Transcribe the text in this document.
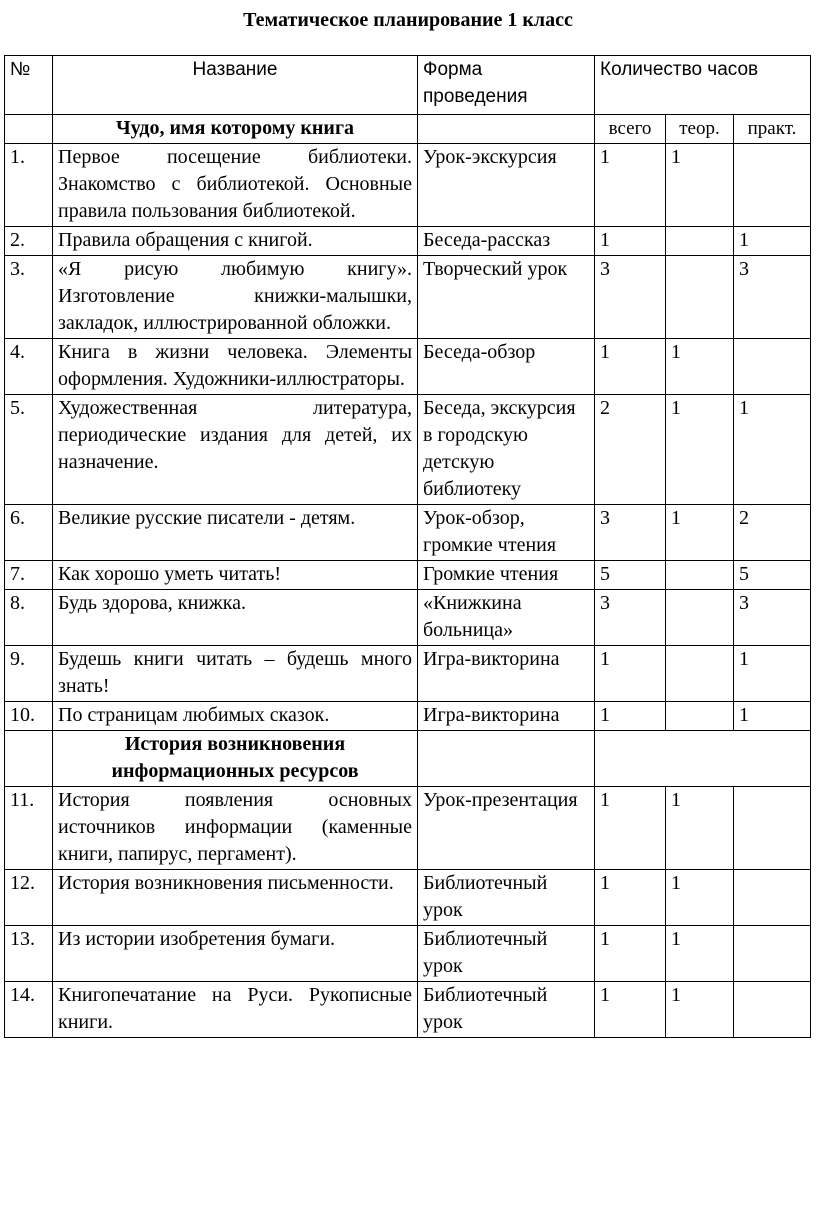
Тематическое планирование 1 класс
№	Название	Форма проведения	Количество часов		
	Чудо, имя которому книга		всего	теор.	практ.
1.	Первое посещение библиотеки. Знакомство с библиотекой. Основные правила пользования библиотекой.	Урок-экскурсия	1	1	
2.	Правила обращения с книгой.	Беседа-рассказ	1		1
3.	«Я рисую любимую книгу». Изготовление книжки-малышки, закладок, иллюстрированной обложки.	Творческий урок	3		3
4.	Книга в жизни человека. Элементы оформления. Художники-иллюстраторы.	Беседа-обзор	1	1	
5.	Художественная литература, периодические издания для детей, их назначение.	Беседа, экскурсия в городскую детскую библиотеку	2	1	1
6.	Великие русские писатели - детям.	Урок-обзор, громкие чтения	3	1	2
7.	Как хорошо уметь читать!	Громкие чтения	5		5
8.	Будь здорова, книжка.	«Книжкина больница»	3		3
9.	Будешь книги читать – будешь много знать!	Игра-викторина	1		1
10.	По страницам любимых сказок.	Игра-викторина	1		1
	История возникновения информационных ресурсов				
11.	История появления основных источников информации (каменные книги, папирус, пергамент).	Урок-презентация	1	1	
12.	История возникновения письменности.	Библиотечный урок	1	1	
13.	Из истории изобретения бумаги.	Библиотечный урок	1	1	
14.	Книгопечатание на Руси. Рукописные книги.	Библиотечный урок	1	1	
